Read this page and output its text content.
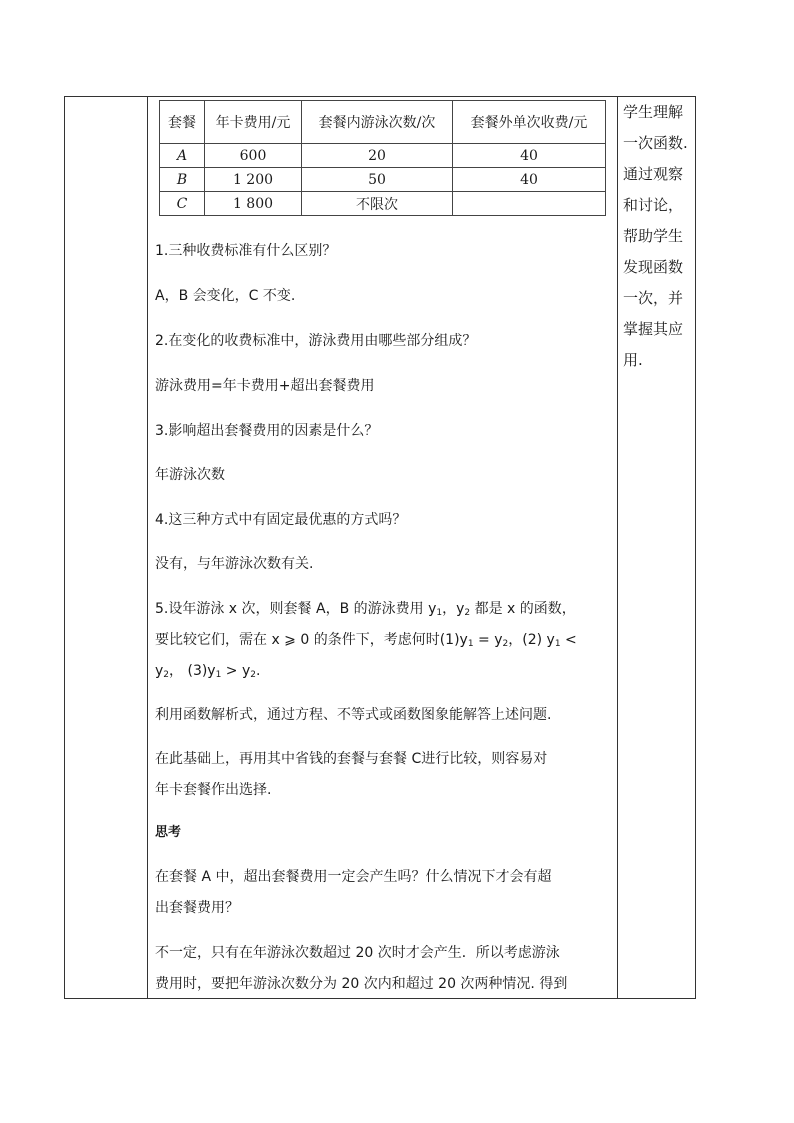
套餐	年卡费用/元	套餐内游泳次数/次	套餐外单次收费/元
A	600	20	40
B	1 200	50	40
C	1 800	不限次	
1.三种收费标准有什么区别？
A，B 会变化，C 不变.
2.在变化的收费标准中，游泳费用由哪些部分组成？
游泳费用=年卡费用+超出套餐费用
3.影响超出套餐费用的因素是什么？
年游泳次数
4.这三种方式中有固定最优惠的方式吗？
没有，与年游泳次数有关.
5.设年游泳 x 次，则套餐 A，B 的游泳费用 $y_1$，$y_2$ 都是 x 的函数，
要比较它们，需在 x ⩾ 0 的条件下，考虑何时$(1)y_1 = y_2$，(2) $y_1$ <
$y_2$， $(3)y_1 > y_2$.
利用函数解析式，通过方程、不等式或函数图象能解答上述问题.
在此基础上，再用其中省钱的套餐与套餐 C进行比较，则容易对
年卡套餐作出选择.
思考
在套餐 A 中，超出套餐费用一定会产生吗？什么情况下才会有超
出套餐费用？
不一定，只有在年游泳次数超过 20 次时才会产生．所以考虑游泳
费用时，要把年游泳次数分为 20 次内和超过 20 次两种情况. 得到
学生理解
一次函数.
通过观察
和讨论，
帮助学生
发现函数
一次，并
掌握其应
用.
